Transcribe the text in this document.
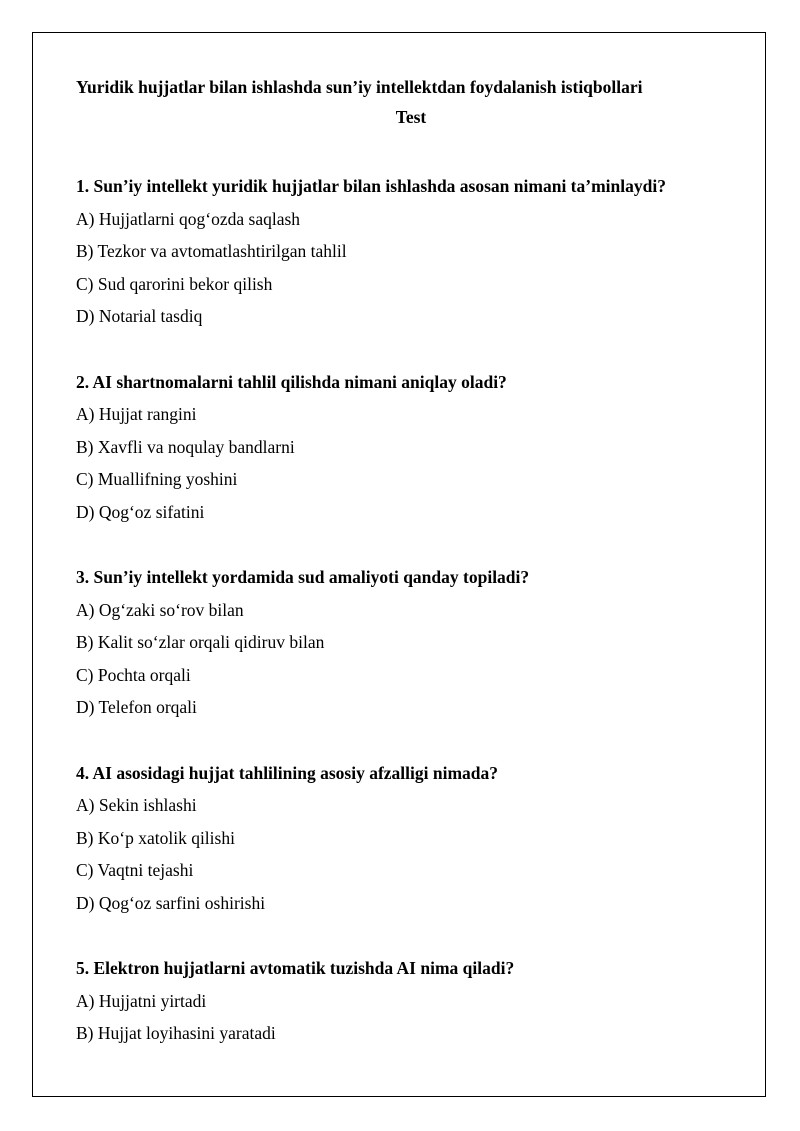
Yuridik hujjatlar bilan ishlashda sun’iy intellektdan foydalanish istiqbollari
Test
1. Sun’iy intellekt yuridik hujjatlar bilan ishlashda asosan nimani ta’minlaydi?
A) Hujjatlarni qog‘ozda saqlash
B) Tezkor va avtomatlashtirilgan tahlil
C) Sud qarorini bekor qilish
D) Notarial tasdiq
2. AI shartnomalarni tahlil qilishda nimani aniqlay oladi?
A) Hujjat rangini
B) Xavfli va noqulay bandlarni
C) Muallifning yoshini
D) Qog‘oz sifatini
3. Sun’iy intellekt yordamida sud amaliyoti qanday topiladi?
A) Og‘zaki so‘rov bilan
B) Kalit so‘zlar orqali qidiruv bilan
C) Pochta orqali
D) Telefon orqali
4. AI asosidagi hujjat tahlilining asosiy afzalligi nimada?
A) Sekin ishlashi
B) Ko‘p xatolik qilishi
C) Vaqtni tejashi
D) Qog‘oz sarfini oshirishi
5. Elektron hujjatlarni avtomatik tuzishda AI nima qiladi?
A) Hujjatni yirtadi
B) Hujjat loyihasini yaratadi
